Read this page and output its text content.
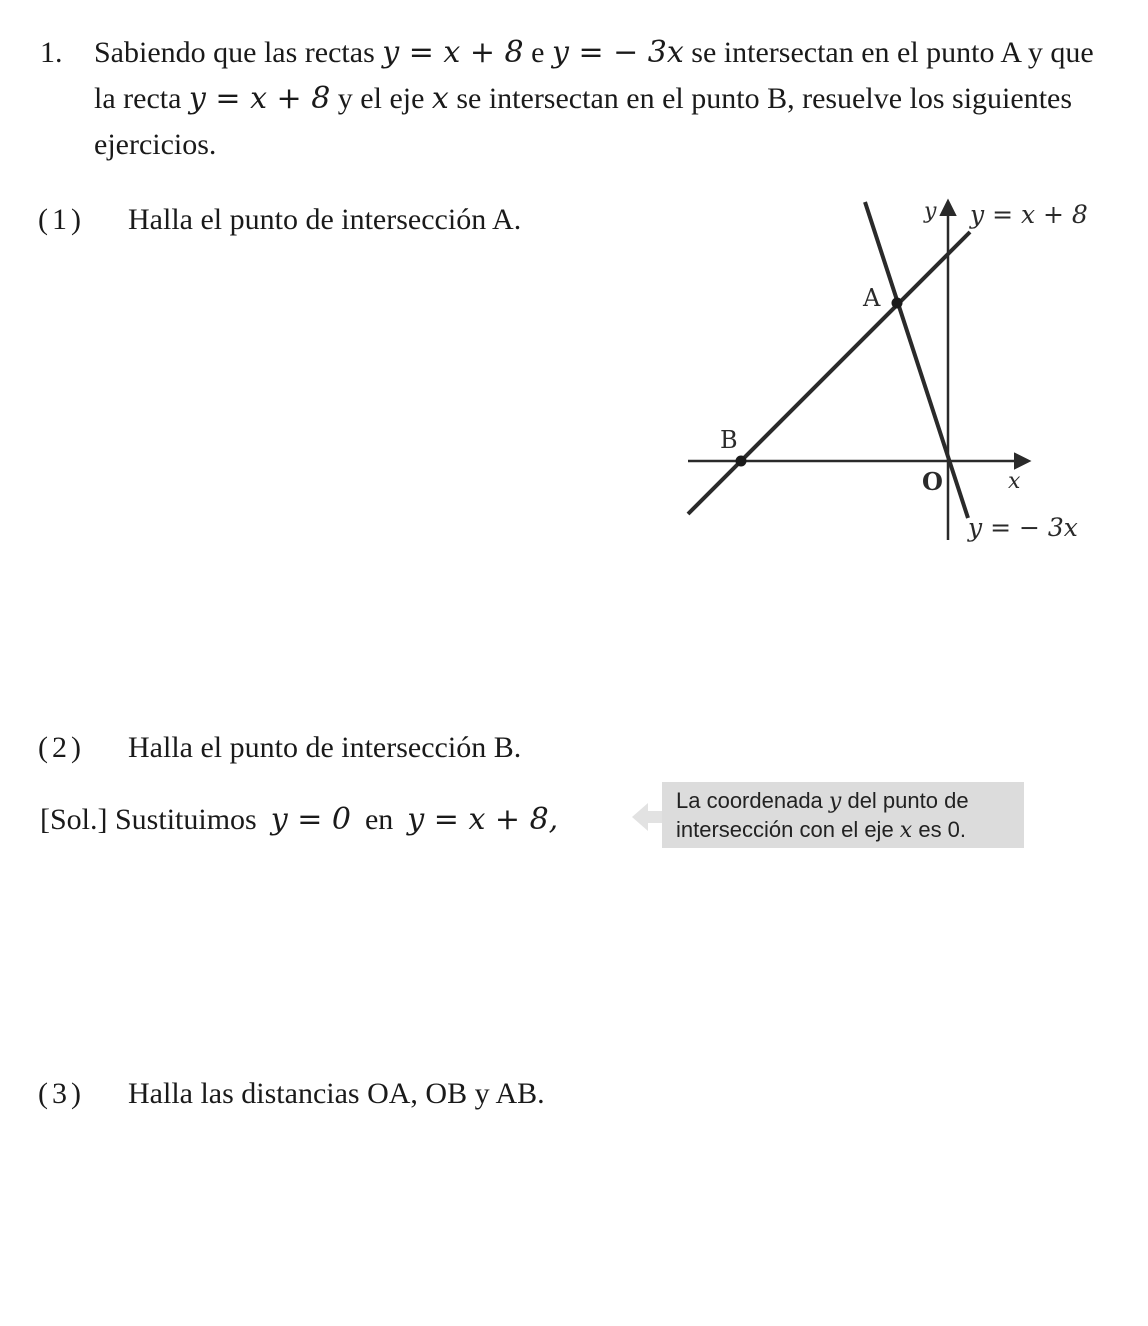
1. Sabiendo que las rectas y = x + 8 e y = − 3x se intersectan en el punto A y que la recta y = x + 8 y el eje x se intersectan en el punto B, resuelve los siguientes ejercicios.
(1) Halla el punto de intersección A.	y y = x + 8
A
B
O	x
y = − 3x
(2) Halla el punto de intersección B.
[Sol.] Sustituimos y = 0 en y = x + 8,
La coordenada y del punto de
intersección con el eje x es 0.
(3) Halla las distancias OA, OB y AB.
